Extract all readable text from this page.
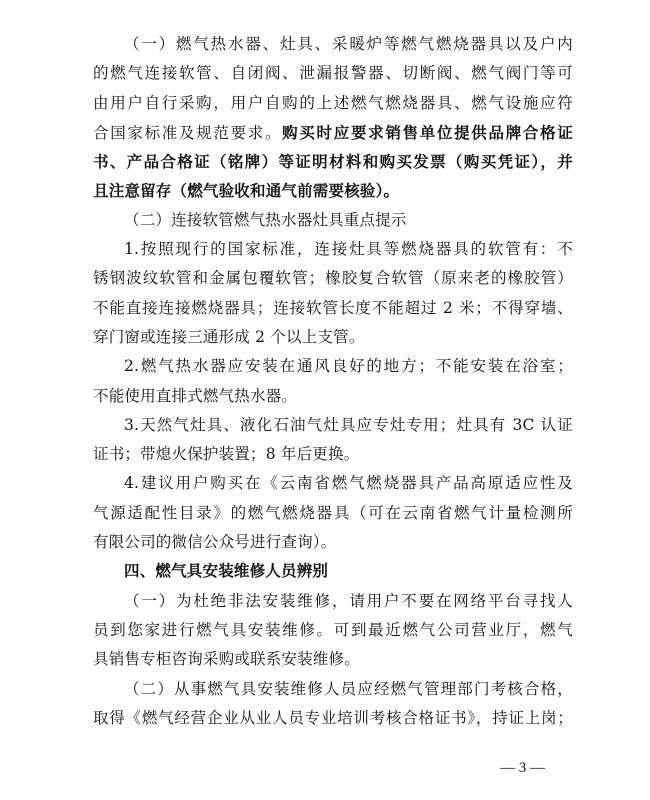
（一）燃气热水器、灶具、采暖炉等燃气燃烧器具以及户内
的燃气连接软管、自闭阀、泄漏报警器、切断阀、燃气阀门等可
由用户自行采购，用户自购的上述燃气燃烧器具、燃气设施应符
合国家标准及规范要求。购买时应要求销售单位提供品牌合格证
书、产品合格证（铭牌）等证明材料和购买发票（购买凭证），并
且注意留存（燃气验收和通气前需要核验）。
（二）连接软管燃气热水器灶具重点提示
1.按照现行的国家标准，连接灶具等燃烧器具的软管有：不
锈钢波纹软管和金属包覆软管；橡胶复合软管（原来老的橡胶管）
不能直接连接燃烧器具；连接软管长度不能超过 2 米；不得穿墙、
穿门窗或连接三通形成 2 个以上支管。
2.燃气热水器应安装在通风良好的地方；不能安装在浴室；
不能使用直排式燃气热水器。
3.天然气灶具、液化石油气灶具应专灶专用；灶具有 3C 认证
证书；带熄火保护装置；8 年后更换。
4.建议用户购买在《云南省燃气燃烧器具产品高原适应性及
气源适配性目录》的燃气燃烧器具（可在云南省燃气计量检测所
有限公司的微信公众号进行查询）。
四、燃气具安装维修人员辨别
（一）为杜绝非法安装维修，请用户不要在网络平台寻找人
员到您家进行燃气具安装维修。可到最近燃气公司营业厅，燃气
具销售专柜咨询采购或联系安装维修。
（二）从事燃气具安装维修人员应经燃气管理部门考核合格，
取得《燃气经营企业从业人员专业培训考核合格证书》，持证上岗；
— 3 —
